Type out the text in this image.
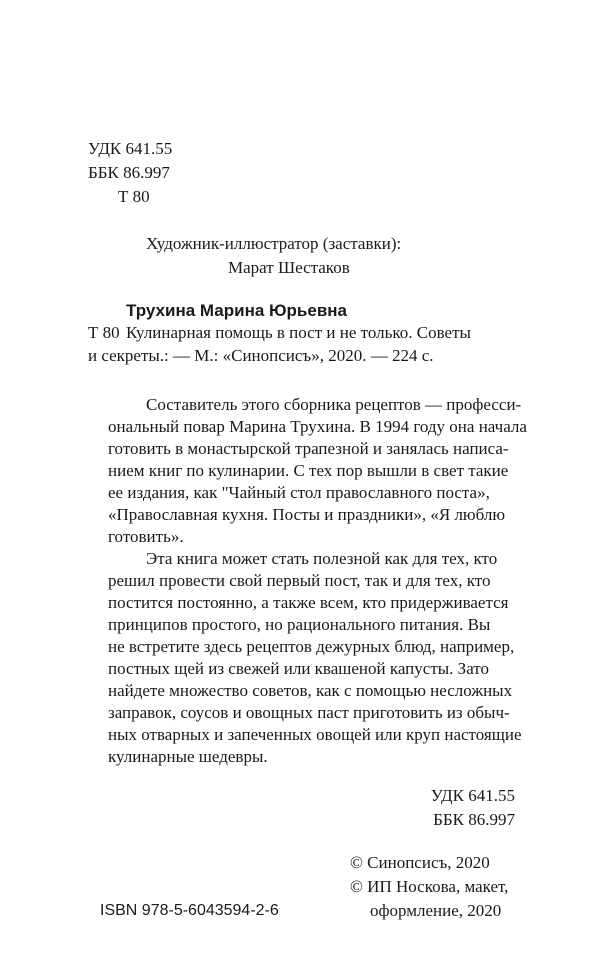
УДК 641.55
ББК 86.997
Т 80
Художник-иллюстратор (заставки):
Марат Шестаков
Трухина Марина Юрьевна
Т 80 Кулинарная помощь в пост и не только. Советы
и секреты.: — М.: «Синопсисъ», 2020. — 224 с.
Составитель этого сборника рецептов — професси-
ональный повар Марина Трухина. В 1994 году она начала
готовить в монастырской трапезной и занялась написа-
нием книг по кулинарии. С тех пор вышли в свет такие
ее издания, как "Чайный стол православного поста»,
«Православная кухня. Посты и праздники», «Я люблю
готовить».
Эта книга может стать полезной как для тех, кто
решил провести свой первый пост, так и для тех, кто
постится постоянно, а также всем, кто придерживается
принципов простого, но рационального питания. Вы
не встретите здесь рецептов дежурных блюд, например,
постных щей из свежей или квашеной капусты. Зато
найдете множество советов, как с помощью несложных
заправок, соусов и овощных паст приготовить из обыч-
ных отварных и запеченных овощей или круп настоящие
кулинарные шедевры.
УДК 641.55
ББК 86.997
© Синопсисъ, 2020
© ИП Носкова, макет,
ISBN 978-5-6043594-2-6	оформление, 2020
